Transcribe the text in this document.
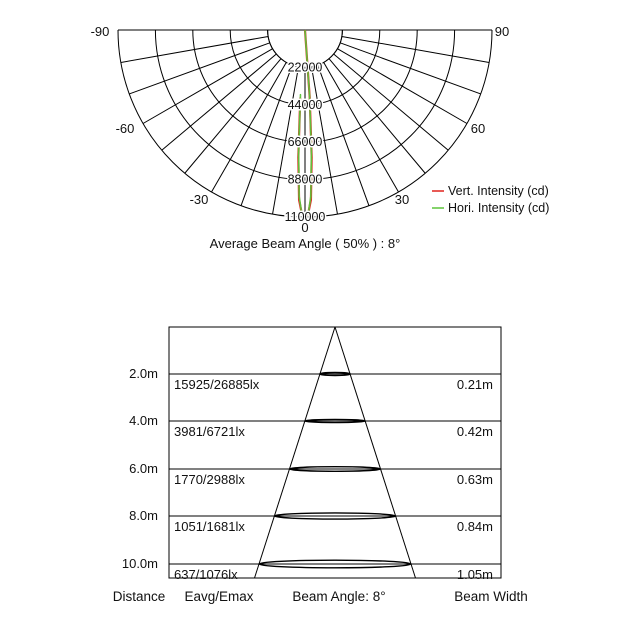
22000
44000
66000
88000
110000
-90
-60
-30
0
30
60
90
Vert. Intensity (cd)
Hori. Intensity (cd)
Average Beam Angle ( 50% ) : 8°
2.0m
15925/26885lx	0.21m
4.0m
3981/6721lx	0.42m
6.0m
1770/2988lx	0.63m
8.0m
1051/1681lx	0.84m
10.0m
637/1076lx	1.05m
Distance Eavg/Emax	Beam Angle: 8°	Beam Width
